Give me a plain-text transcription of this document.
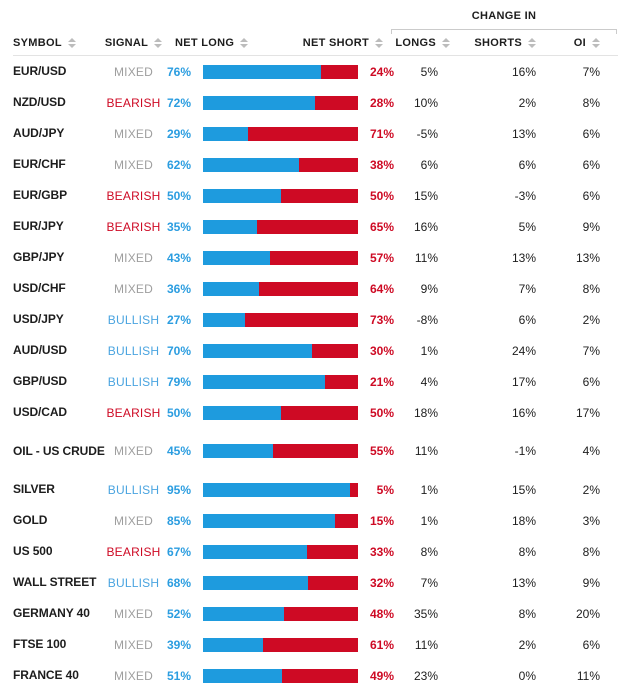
CHANGE IN
SYMBOL	SIGNAL NET LONG	NET SHORT LONGS	SHORTS	OI
EUR/USD	MIXED	76%	24%	5%	16%	7%
NZD/USD	BEARISH 72%	28%	10%	2%	8%
AUD/JPY	MIXED	29%	71%	-5%	13%	6%
EUR/CHF	MIXED	62%	38%	6%	6%	6%
EUR/GBP	BEARISH 50%	50%	15%	-3%	6%
EUR/JPY	BEARISH 35%	65%	16%	5%	9%
GBP/JPY	MIXED	43%	57%	11%	13%	13%
USD/CHF	MIXED	36%	64%	9%	7%	8%
USD/JPY	BULLISH 27%	73%	-8%	6%	2%
AUD/USD	BULLISH 70%	30%	1%	24%	7%
GBP/USD	BULLISH 79%	21%	4%	17%	6%
USD/CAD	BEARISH 50%	50%	18%	16%	17%
OIL - US CRUDE MIXED	45%	55%	11%	-1%	4%
SILVER	BULLISH 95%	5%	1%	15%	2%
GOLD	MIXED	85%	15%	1%	18%	3%
US 500	BEARISH 67%	33%	8%	8%	8%
WALL STREET BULLISH 68%	32%	7%	13%	9%
GERMANY 40	MIXED	52%	48%	35%	8%	20%
FTSE 100	MIXED	39%	61%	11%	2%	6%
FRANCE 40	MIXED	51%	49%	23%	0%	11%
